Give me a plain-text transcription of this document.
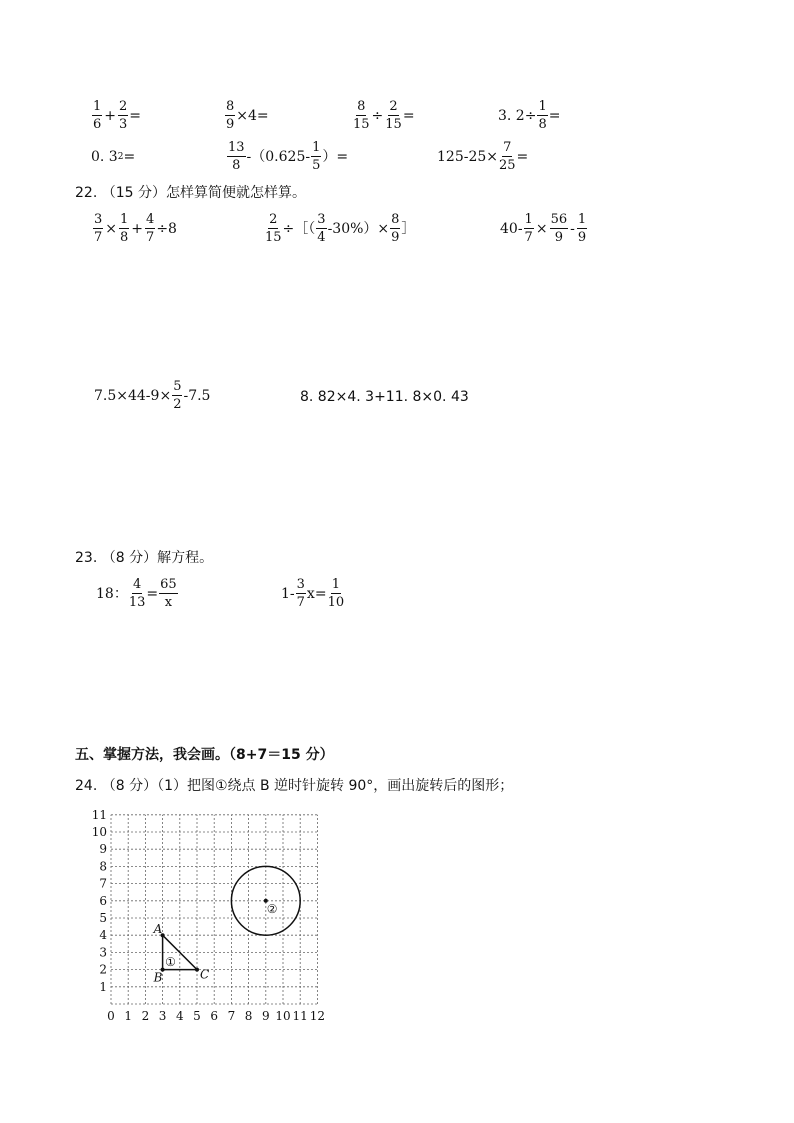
$\frac{1}{6} + \frac{2}{3}$ =	$\frac{8}{9} \times 4=$	$\frac{8}{15} \div \frac{2}{15}$ =	3. $2\div \frac{1}{8}$ =
0. 3 2 =	$\frac{13}{8} -(0.625- \frac{1}{5}$ ）=	$125-25\times \frac{7}{25}$ =
22. （15 分）怎样算简便就怎样算。
$\frac{3}{7} \times \frac{1}{8} + \frac{4}{7} \div 8$	$\frac{2}{15}$ ÷［（ $\frac{3}{4} -30\%)\times \frac{8}{9}$ ］	$40- \frac{1}{7} \times \frac{56}{9} - \frac{1}{9}$
$7.5\times 44-9\times \frac{5}{2} -7.5$	8. 82×4. 3+11. 8×0. 43
23. （8 分）解方程。
18： $\frac{4}{13} = \frac{65}{x}$	$1- \frac{3}{7} x= \frac{1}{10}$
五、掌握方法，我会画。（8+7＝15 分）
24. （8 分）（1）把图①绕点 B 逆时针旋转 90°，画出旋转后的图形；
0 1 2 3 4 5 6 7 8 9 10 11 12
1
2
3
4
5
6
7
8
9
10
11
A
B	C
①
②
